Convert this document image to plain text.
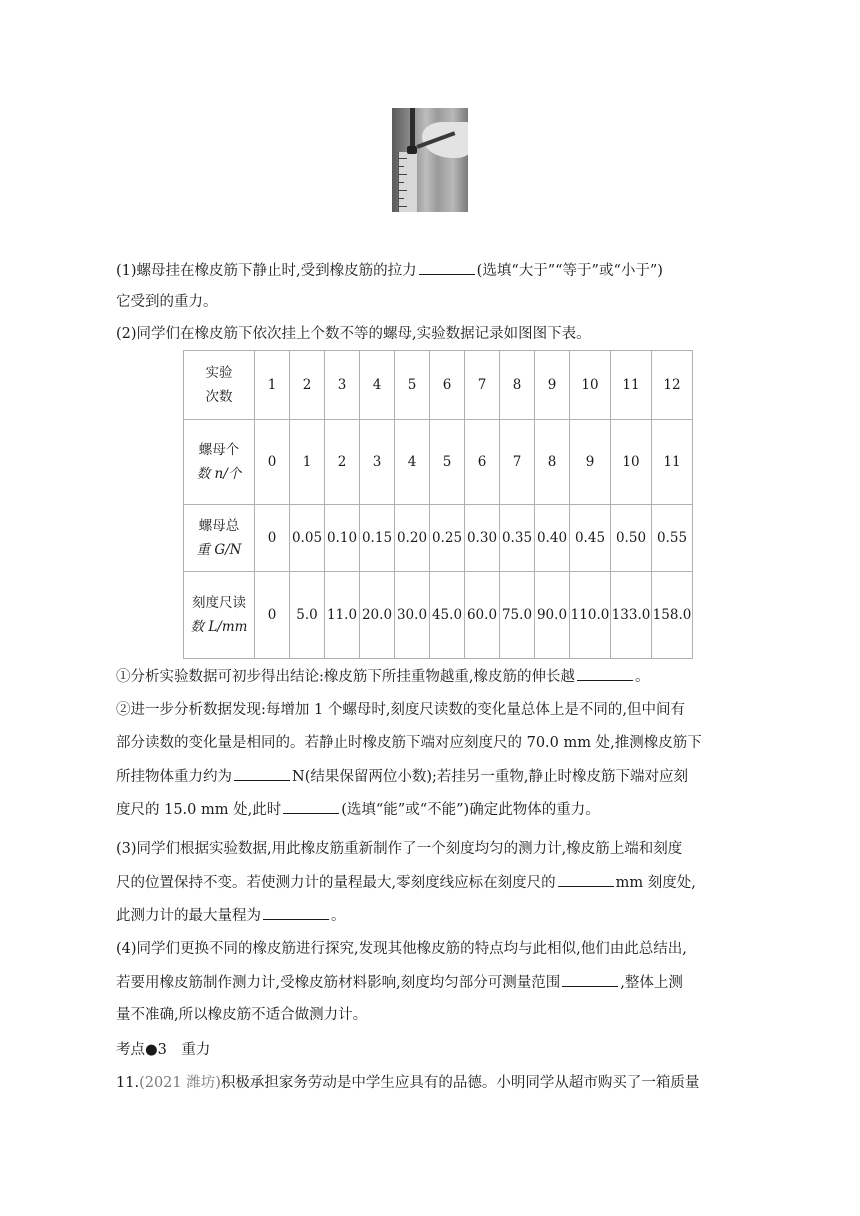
(1)螺母挂在橡皮筋下静止时,受到橡皮筋的拉力	(选填“大于”“等于”或“小于”)
它受到的重力。
(2)同学们在橡皮筋下依次挂上个数不等的螺母,实验数据记录如图图下表。
实验
次数	1	2	3	4	5	6	7	8	9	10	11	12
螺母个
数 n/个	0	1	2	3	4	5	6	7	8	9	10	11
螺母总
重 G/N	0	0.05	0.10	0.15	0.20	0.25	0.30	0.35	0.40	0.45	0.50	0.55
刻度尺读
数 L/mm	0	5.0	11.0	20.0	30.0	45.0	60.0	75.0	90.0	110.0	133.0	158.0
①分析实验数据可初步得出结论:橡皮筋下所挂重物越重,橡皮筋的伸长越	。
②进一步分析数据发现:每增加 1 个螺母时,刻度尺读数的变化量总体上是不同的,但中间有
部分读数的变化量是相同的。若静止时橡皮筋下端对应刻度尺的 70.0 mm 处,推测橡皮筋下
所挂物体重力约为	N(结果保留两位小数);若挂另一重物,静止时橡皮筋下端对应刻
度尺的 15.0 mm 处,此时	(选填“能”或“不能”)确定此物体的重力。
(3)同学们根据实验数据,用此橡皮筋重新制作了一个刻度均匀的测力计,橡皮筋上端和刻度
尺的位置保持不变。若使测力计的量程最大,零刻度线应标在刻度尺的	mm 刻度处,
此测力计的最大量程为	。
(4)同学们更换不同的橡皮筋进行探究,发现其他橡皮筋的特点均与此相似,他们由此总结出,
若要用橡皮筋制作测力计,受橡皮筋材料影响,刻度均匀部分可测量范围	,整体上测
量不准确,所以橡皮筋不适合做测力计。
考点●3　重力
11.(2021 潍坊)积极承担家务劳动是中学生应具有的品德。小明同学从超市购买了一箱质量
